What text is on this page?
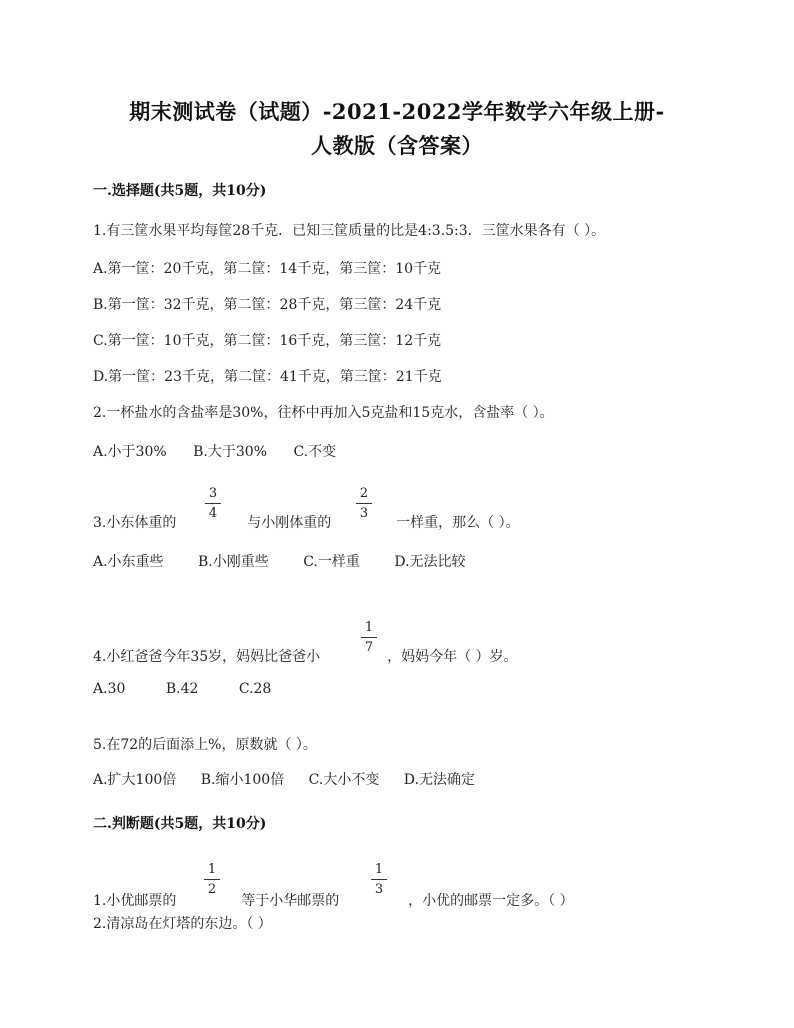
期末测试卷（试题）-2021-2022学年数学六年级上册-
人教版（含答案）
一.选择题(共5题，共10分)
1.有三筐水果平均每筐28千克．已知三筐质量的比是4:3.5:3．三筐水果各有（ ）。
A.第一筐：20千克，第二筐：14千克，第三筐：10千克
B.第一筐：32千克，第二筐：28千克，第三筐：24千克
C.第一筐：10千克，第二筐：16千克，第三筐：12千克
D.第一筐：23千克，第二筐：41千克，第三筐：21千克
2.一杯盐水的含盐率是30%，往杯中再加入5克盐和15克水，含盐率（ ）。
A.小于30% B.大于30% C.不变
3.小东体重的	与小刚体重的	一样重，那么（ ）。
3
4
2
3
A.小东重些 B.小刚重些 C.一样重 D.无法比较
4.小红爸爸今年35岁，妈妈比爸爸小	，妈妈今年（ ）岁。
1
7
A.30	B.42	C.28
5.在72的后面添上%，原数就（ ）。
A.扩大100倍 B.缩小100倍 C.大小不变 D.无法确定
二.判断题(共5题，共10分)
1.小优邮票的	等于小华邮票的	，小优的邮票一定多。（ ）
1
2
1
3
2.清凉岛在灯塔的东边。（ ）
